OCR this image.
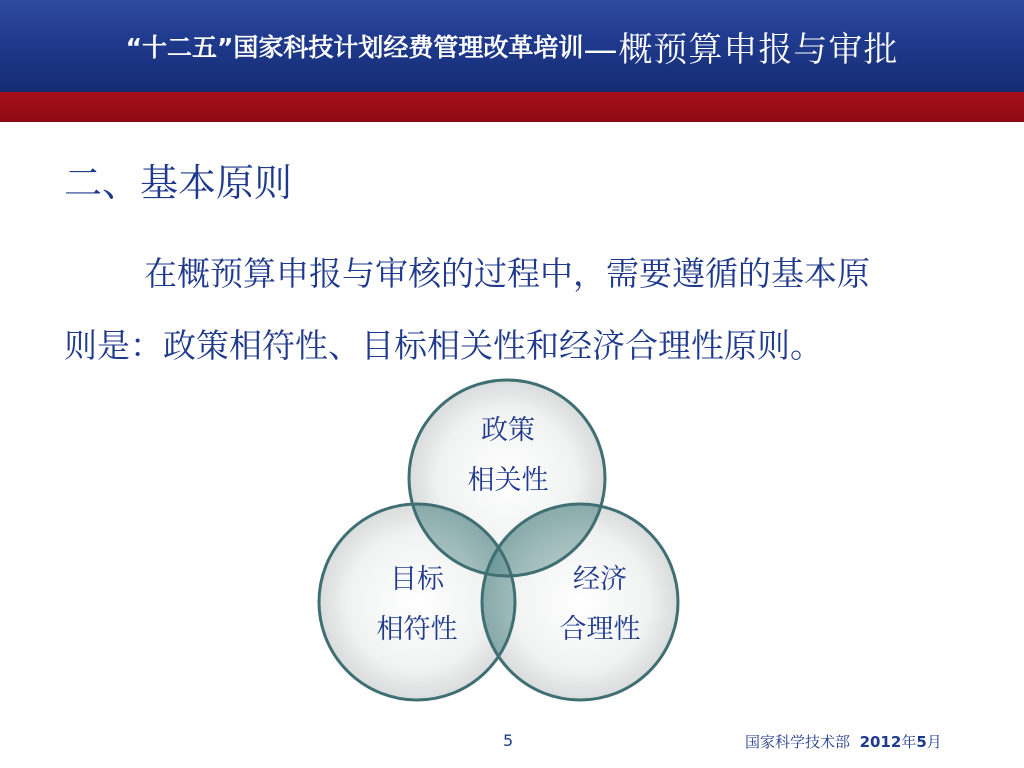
“十二五”国家科技计划经费管理改革培训 —概预算申报与审批
二、基本原则
在概预算申报与审核的过程中，需要遵循的基本原
则是：政策相符性、目标相关性和经济合理性原则。
政策
相关性
目标
相符性
经济
合理性
5	国家科学技术部 2012年5月
